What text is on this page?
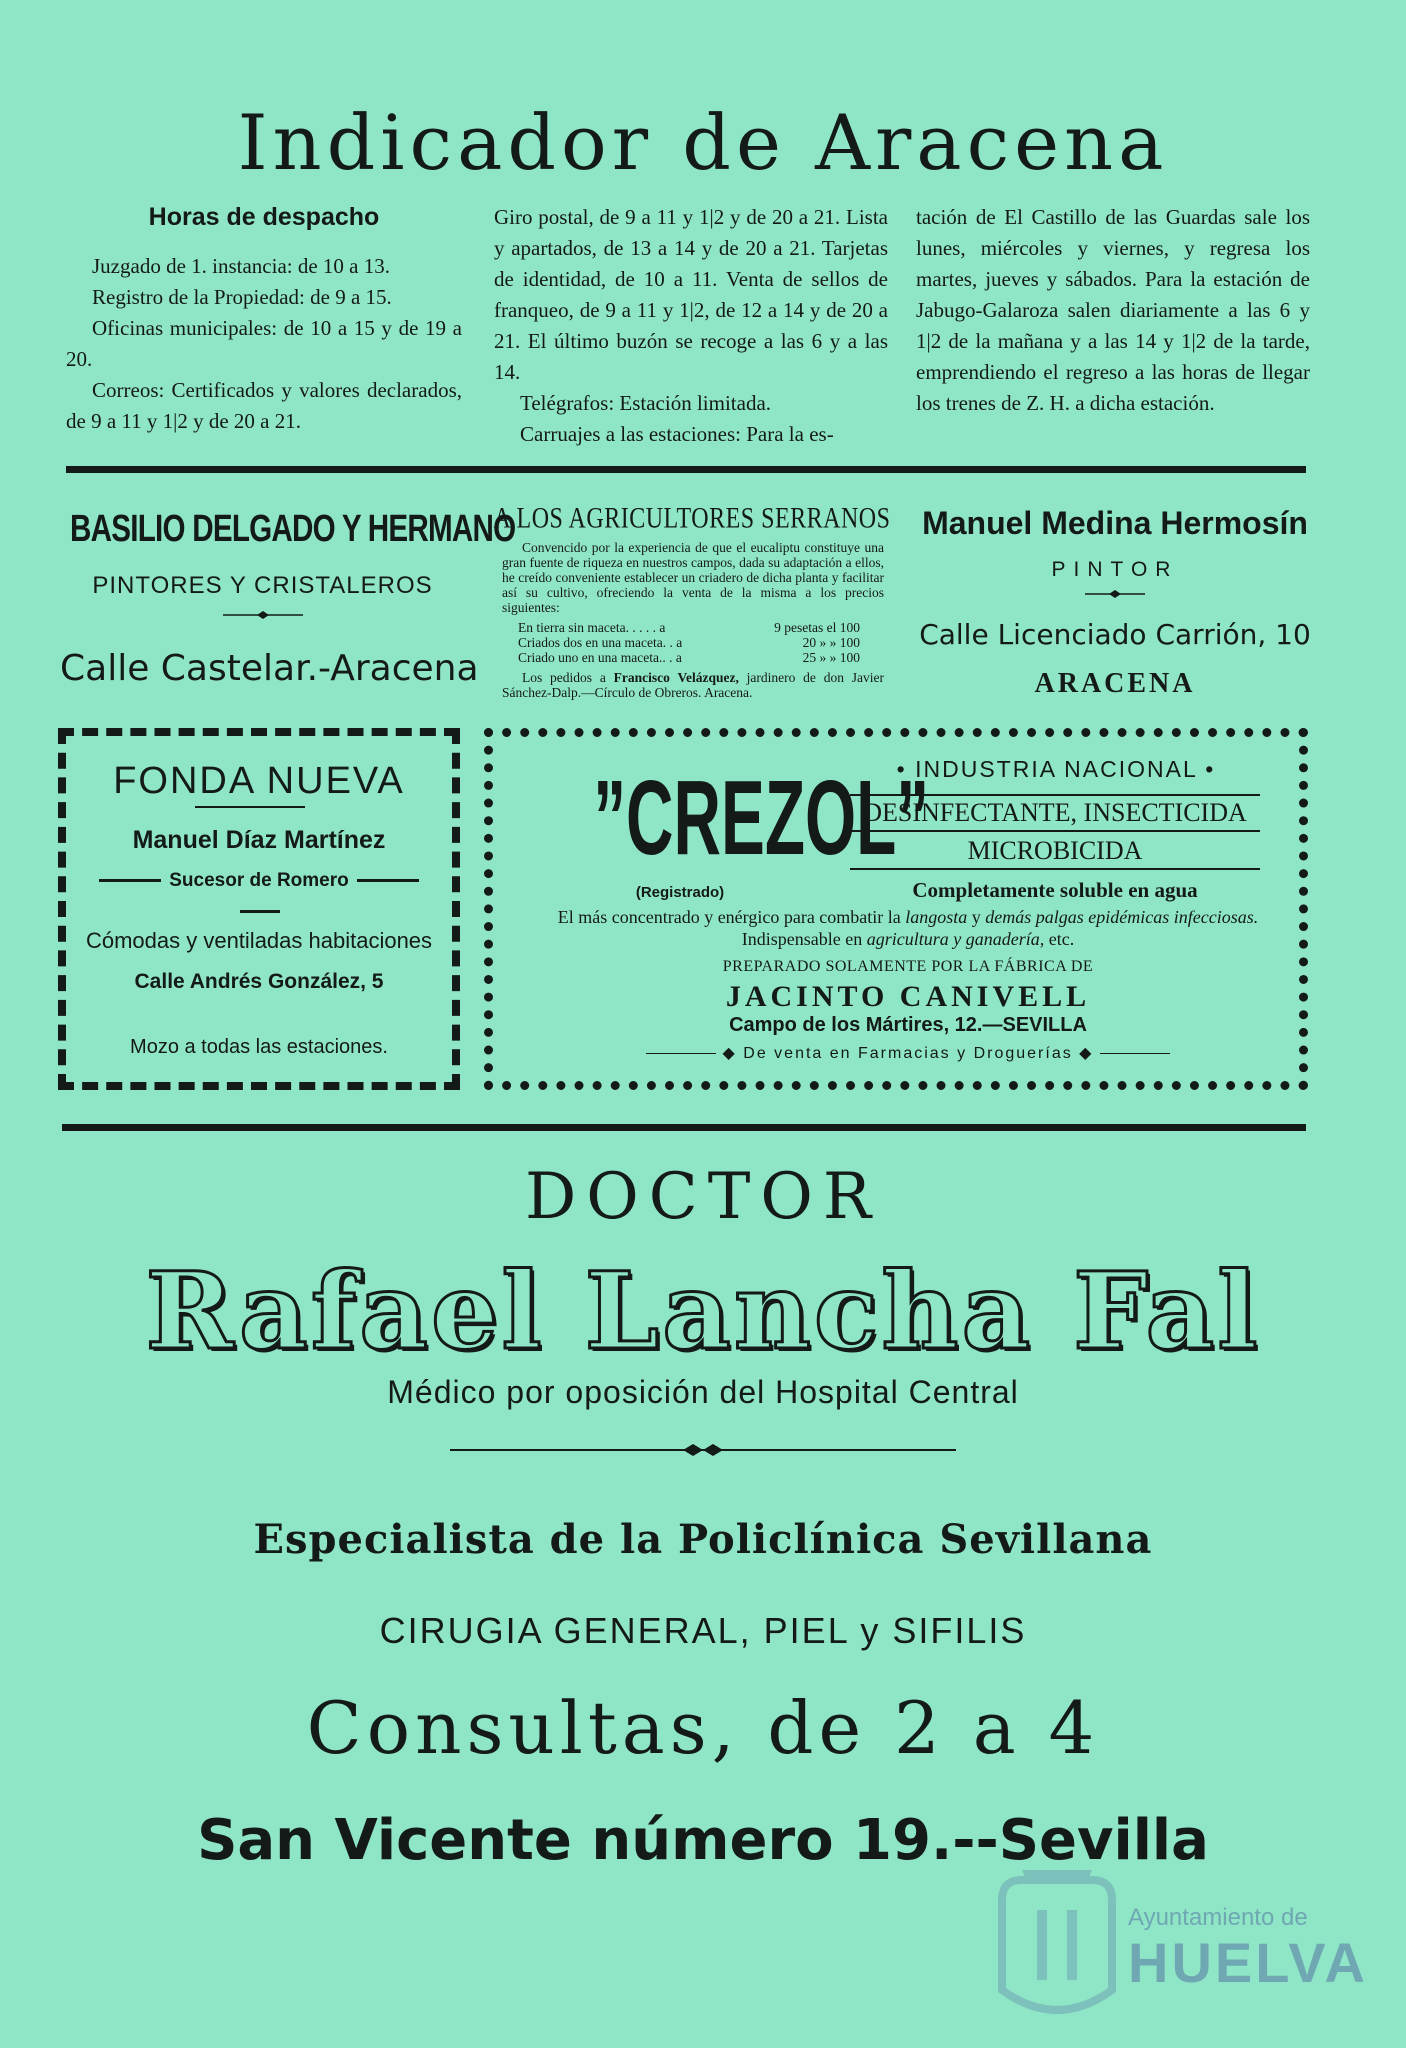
Indicador de Aracena

Horas de despacho

Juzgado de 1. instancia: de 10 a 13.

Registro de la Propiedad: de 9 a 15.

Oficinas municipales: de 10 a 15 y de 19 a 20.

Correos: Certificados y valores declarados, de 9 a 11 y 1|2 y de 20 a 21.

Giro postal, de 9 a 11 y 1|2 y de 20 a 21. Lista y apartados, de 13 a 14 y de 20 a 21. Tarjetas de identidad, de 10 a 11. Venta de sellos de franqueo, de 9 a 11 y 1|2, de 12 a 14 y de 20 a 21. El último buzón se recoge a las 6 y a las 14.

Telégrafos: Estación limitada.

Carruajes a las estaciones: Para la es-

tación de El Castillo de las Guardas sale los lunes, miércoles y viernes, y regresa los martes, jueves y sábados. Para la estación de Jabugo-Galaroza salen diariamente a las 6 y 1|2 de la mañana y a las 14 y 1|2 de la tarde, emprendiendo el regreso a las horas de llegar los trenes de Z. H. a dicha estación.

BASILIO DELGADO Y HERMANO
PINTORES Y CRISTALEROS
Calle Castelar.-Aracena
A LOS AGRICULTORES SERRANOS
Convencido por la experiencia de que el eucaliptu constituye una gran fuente de riqueza en nuestros campos, dada su adaptación a ellos, he creído conveniente establecer un criadero de dicha planta y facilitar así su cultivo, ofreciendo la venta de la misma a los precios siguientes:
En tierra sin maceta. . . . . a	9 pesetas el 100
Criados dos en una maceta. . a	20 » » 100
Criado uno en una maceta.. . a	25 » » 100
Los pedidos a Francisco Velázquez, jardinero de don Javier Sánchez-Dalp.—Círculo de Obreros. Aracena.
Manuel Medina Hermosín
PINTOR
Calle Licenciado Carrión, 10
ARACENA
FONDA NUEVA
Manuel Díaz Martínez
Sucesor de Romero
Cómodas y ventiladas habitaciones
Calle Andrés González, 5
Mozo a todas las estaciones.
”CREZOL”
(Registrado)
• INDUSTRIA NACIONAL •
DESINFECTANTE, INSECTICIDA
MICROBICIDA
Completamente soluble en agua
El más concentrado y enérgico para combatir la langosta y demás palgas epidémicas infecciosas. Indispensable en agricultura y ganadería, etc.
PREPARADO SOLAMENTE POR LA FÁBRICA DE
JACINTO CANIVELL
Campo de los Mártires, 12.—SEVILLA
◆ De venta en Farmacias y Droguerías ◆
DOCTOR
Rafael Lancha Fal
Médico por oposición del Hospital Central
Especialista de la Policlínica Sevillana
CIRUGIA GENERAL, PIEL y SIFILIS
Consultas, de 2 a 4
San Vicente número 19.--Sevilla
Ayuntamiento de
HUELVA
